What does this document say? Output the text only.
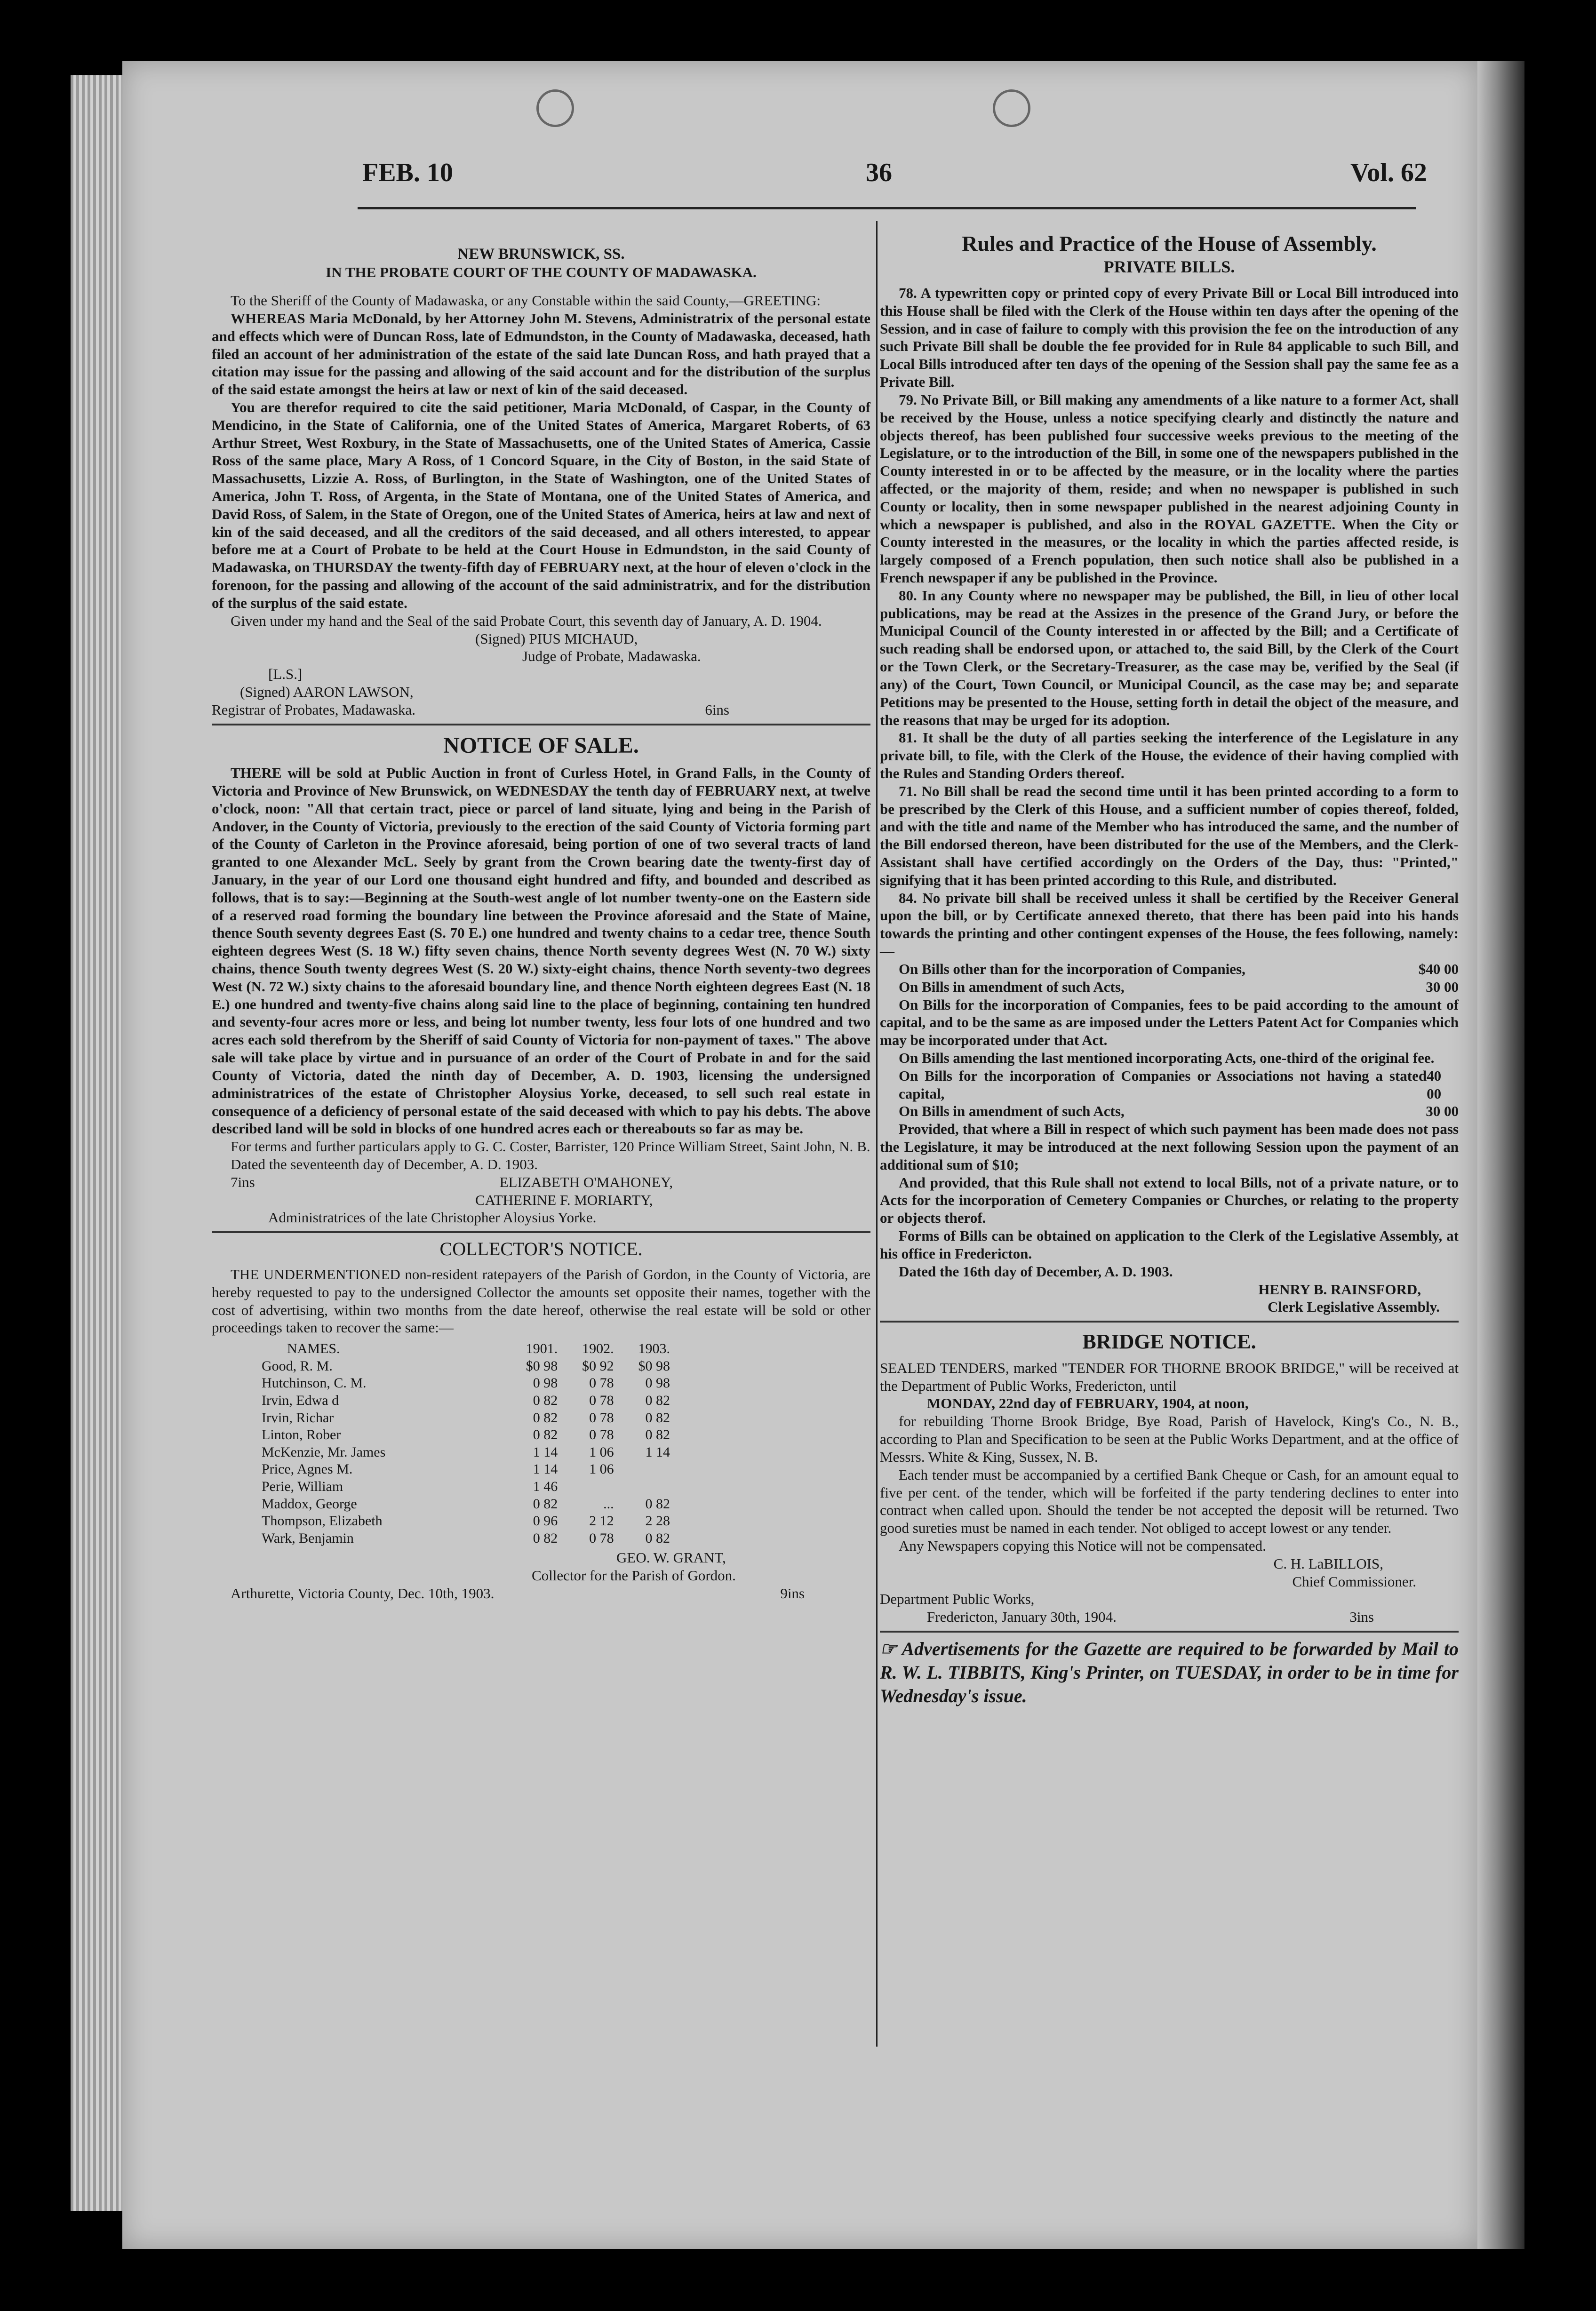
FEB. 10	36	Vol. 62
NEW BRUNSWICK, SS.
IN THE PROBATE COURT OF THE COUNTY OF MADAWASKA.

To the Sheriff of the County of Madawaska, or any Constable within the said County,—GREETING:

WHEREAS Maria McDonald, by her Attorney John M. Stevens, Administratrix of the personal estate and effects which were of Duncan Ross, late of Edmundston, in the County of Madawaska, deceased, hath filed an account of her administration of the estate of the said late Duncan Ross, and hath prayed that a citation may issue for the passing and allowing of the said account and for the distribution of the surplus of the said estate amongst the heirs at law or next of kin of the said deceased.

You are therefor required to cite the said petitioner, Maria McDonald, of Caspar, in the County of Mendicino, in the State of California, one of the United States of America, Margaret Roberts, of 63 Arthur Street, West Roxbury, in the State of Massachusetts, one of the United States of America, Cassie Ross of the same place, Mary A Ross, of 1 Concord Square, in the City of Boston, in the said State of Massachusetts, Lizzie A. Ross, of Burlington, in the State of Washington, one of the United States of America, John T. Ross, of Argenta, in the State of Montana, one of the United States of America, and David Ross, of Salem, in the State of Oregon, one of the United States of America, heirs at law and next of kin of the said deceased, and all the creditors of the said deceased, and all others interested, to appear before me at a Court of Probate to be held at the Court House in Edmundston, in the said County of Madawaska, on THURSDAY the twenty-fifth day of FEBRUARY next, at the hour of eleven o'clock in the forenoon, for the passing and allowing of the account of the said administratrix, and for the distribution of the surplus of the said estate.

Given under my hand and the Seal of the said Probate Court, this seventh day of January, A. D. 1904.

(Signed) PIUS MICHAUD,
Judge of Probate, Madawaska.
[L.S.]
(Signed) AARON LAWSON,
Registrar of Probates, Madawaska.	6ins
NOTICE OF SALE.

THERE will be sold at Public Auction in front of Curless Hotel, in Grand Falls, in the County of Victoria and Province of New Brunswick, on WEDNESDAY the tenth day of FEBRUARY next, at twelve o'clock, noon: "All that certain tract, piece or parcel of land situate, lying and being in the Parish of Andover, in the County of Victoria, previously to the erection of the said County of Victoria forming part of the County of Carleton in the Province aforesaid, being portion of one of two several tracts of land granted to one Alexander McL. Seely by grant from the Crown bearing date the twenty-first day of January, in the year of our Lord one thousand eight hundred and fifty, and bounded and described as follows, that is to say:—Beginning at the South-west angle of lot number twenty-one on the Eastern side of a reserved road forming the boundary line between the Province aforesaid and the State of Maine, thence South seventy degrees East (S. 70 E.) one hundred and twenty chains to a cedar tree, thence South eighteen degrees West (S. 18 W.) fifty seven chains, thence North seventy degrees West (N. 70 W.) sixty chains, thence South twenty degrees West (S. 20 W.) sixty-eight chains, thence North seventy-two degrees West (N. 72 W.) sixty chains to the aforesaid boundary line, and thence North eighteen degrees East (N. 18 E.) one hundred and twenty-five chains along said line to the place of beginning, containing ten hundred and seventy-four acres more or less, and being lot number twenty, less four lots of one hundred and two acres each sold therefrom by the Sheriff of said County of Victoria for non-payment of taxes." The above sale will take place by virtue and in pursuance of an order of the Court of Probate in and for the said County of Victoria, dated the ninth day of December, A. D. 1903, licensing the undersigned administratrices of the estate of Christopher Aloysius Yorke, deceased, to sell such real estate in consequence of a deficiency of personal estate of the said deceased with which to pay his debts. The above described land will be sold in blocks of one hundred acres each or thereabouts so far as may be.

For terms and further particulars apply to G. C. Coster, Barrister, 120 Prince William Street, Saint John, N. B.

Dated the seventeenth day of December, A. D. 1903.

7ins	ELIZABETH O'MAHONEY,
CATHERINE F. MORIARTY,
Administratrices of the late Christopher Aloysius Yorke.
COLLECTOR'S NOTICE.

THE UNDERMENTIONED non-resident ratepayers of the Parish of Gordon, in the County of Victoria, are hereby requested to pay to the undersigned Collector the amounts set opposite their names, together with the cost of advertising, within two months from the date hereof, otherwise the real estate will be sold or other proceedings taken to recover the same:—

NAMES.	1901.	1902.	1903.
Good, R. M.	$0 98	$0 92	$0 98
Hutchinson, C. M.	0 98	0 78	0 98
Irvin, Edwa d	0 82	0 78	0 82
Irvin, Richar	0 82	0 78	0 82
Linton, Rober	0 82	0 78	0 82
McKenzie, Mr. James	1 14	1 06	1 14
Price, Agnes M.	1 14	1 06	
Perie, William	1 46		
Maddox, George	0 82	...	0 82
Thompson, Elizabeth	0 96	2 12	2 28
Wark, Benjamin	0 82	0 78	0 82
GEO. W. GRANT,
Collector for the Parish of Gordon.
Arthurette, Victoria County, Dec. 10th, 1903.	9ins
Rules and Practice of the House of Assembly.
PRIVATE BILLS.

78. A typewritten copy or printed copy of every Private Bill or Local Bill introduced into this House shall be filed with the Clerk of the House within ten days after the opening of the Session, and in case of failure to comply with this provision the fee on the introduction of any such Private Bill shall be double the fee provided for in Rule 84 applicable to such Bill, and Local Bills introduced after ten days of the opening of the Session shall pay the same fee as a Private Bill.

79. No Private Bill, or Bill making any amendments of a like nature to a former Act, shall be received by the House, unless a notice specifying clearly and distinctly the nature and objects thereof, has been published four successive weeks previous to the meeting of the Legislature, or to the introduction of the Bill, in some one of the newspapers published in the County interested in or to be affected by the measure, or in the locality where the parties affected, or the majority of them, reside; and when no newspaper is published in such County or locality, then in some newspaper published in the nearest adjoining County in which a newspaper is published, and also in the ROYAL GAZETTE. When the City or County interested in the measures, or the locality in which the parties affected reside, is largely composed of a French population, then such notice shall also be published in a French newspaper if any be published in the Province.

80. In any County where no newspaper may be published, the Bill, in lieu of other local publications, may be read at the Assizes in the presence of the Grand Jury, or before the Municipal Council of the County interested in or affected by the Bill; and a Certificate of such reading shall be endorsed upon, or attached to, the said Bill, by the Clerk of the Court or the Town Clerk, or the Secretary-Treasurer, as the case may be, verified by the Seal (if any) of the Court, Town Council, or Municipal Council, as the case may be; and separate Petitions may be presented to the House, setting forth in detail the object of the measure, and the reasons that may be urged for its adoption.

81. It shall be the duty of all parties seeking the interference of the Legislature in any private bill, to file, with the Clerk of the House, the evidence of their having complied with the Rules and Standing Orders thereof.

71. No Bill shall be read the second time until it has been printed according to a form to be prescribed by the Clerk of this House, and a sufficient number of copies thereof, folded, and with the title and name of the Member who has introduced the same, and the number of the Bill endorsed thereon, have been distributed for the use of the Members, and the Clerk-Assistant shall have certified accordingly on the Orders of the Day, thus: "Printed," signifying that it has been printed according to this Rule, and distributed.

84. No private bill shall be received unless it shall be certified by the Receiver General upon the bill, or by Certificate annexed thereto, that there has been paid into his hands towards the printing and other contingent expenses of the House, the fees following, namely:—

On Bills other than for the incorporation of Companies,	$40 00
On Bills in amendment of such Acts,	30 00

On Bills for the incorporation of Companies, fees to be paid according to the amount of capital, and to be the same as are imposed under the Letters Patent Act for Companies which may be incorporated under that Act.

On Bills amending the last mentioned incorporating Acts, one-third of the original fee.

On Bills for the incorporation of Companies or Associations not having a stated capital,
40 00
On Bills in amendment of such Acts,	30 00

Provided, that where a Bill in respect of which such payment has been made does not pass the Legislature, it may be introduced at the next following Session upon the payment of an additional sum of $10;

And provided, that this Rule shall not extend to local Bills, not of a private nature, or to Acts for the incorporation of Cemetery Companies or Churches, or relating to the property or objects therof.

Forms of Bills can be obtained on application to the Clerk of the Legislative Assembly, at his office in Fredericton.

Dated the 16th day of December, A. D. 1903.

HENRY B. RAINSFORD,
Clerk Legislative Assembly.
BRIDGE NOTICE.

SEALED TENDERS, marked "TENDER FOR THORNE BROOK BRIDGE," will be received at the Department of Public Works, Fredericton, until

MONDAY, 22nd day of FEBRUARY, 1904, at noon,

for rebuilding Thorne Brook Bridge, Bye Road, Parish of Havelock, King's Co., N. B., according to Plan and Specification to be seen at the Public Works Department, and at the office of Messrs. White & King, Sussex, N. B.

Each tender must be accompanied by a certified Bank Cheque or Cash, for an amount equal to five per cent. of the tender, which will be forfeited if the party tendering declines to enter into contract when called upon. Should the tender be not accepted the deposit will be returned. Two good sureties must be named in each tender. Not obliged to accept lowest or any tender.

Any Newspapers copying this Notice will not be compensated.

C. H. LaBILLOIS,
Chief Commissioner.
Department Public Works,
Fredericton, January 30th, 1904.	3ins

☞ Advertisements for the Gazette are required to be forwarded by Mail to R. W. L. TIBBITS, King's Printer, on TUESDAY, in order to be in time for Wednesday's issue.
